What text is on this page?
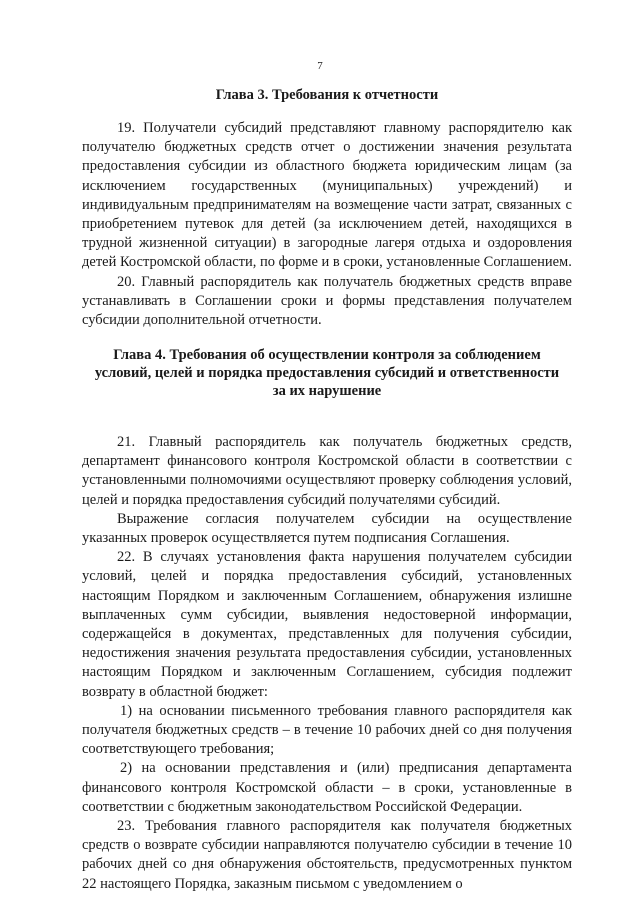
7
Глава 3. Требования к отчетности

19. Получатели субсидий представляют главному распорядителю как получателю бюджетных средств отчет о достижении значения результата предоставления субсидии из областного бюджета юридическим лицам (за исключением государственных (муниципальных) учреждений) и индивидуальным предпринимателям на возмещение части затрат, связанных с приобретением путевок для детей (за исключением детей, находящихся в трудной жизненной ситуации) в загородные лагеря отдыха и оздоровления детей Костромской области, по форме и в сроки, установленные Соглашением.

20. Главный распорядитель как получатель бюджетных средств вправе устанавливать в Соглашении сроки и формы представления получателем субсидии дополнительной отчетности.

Глава 4. Требования об осуществлении контроля за соблюдением
условий, целей и порядка предоставления субсидий и ответственности
за их нарушение

21. Главный распорядитель как получатель бюджетных средств, департамент финансового контроля Костромской области в соответствии с установленными полномочиями осуществляют проверку соблюдения условий, целей и порядка предоставления субсидий получателями субсидий.

Выражение согласия получателем субсидии на осуществление указанных проверок осуществляется путем подписания Соглашения.

22. В случаях установления факта нарушения получателем субсидии условий, целей и порядка предоставления субсидий, установленных настоящим Порядком и заключенным Соглашением, обнаружения излишне выплаченных сумм субсидии, выявления недостоверной информации, содержащейся в документах, представленных для получения субсидии, недостижения значения результата предоставления субсидии, установленных настоящим Порядком и заключенным Соглашением, субсидия подлежит возврату в областной бюджет:

1) на основании письменного требования главного распорядителя как получателя бюджетных средств – в течение 10 рабочих дней со дня получения соответствующего требования;

2) на основании представления и (или) предписания департамента финансового контроля Костромской области – в сроки, установленные в соответствии с бюджетным законодательством Российской Федерации.

23. Требования главного распорядителя как получателя бюджетных средств о возврате субсидии направляются получателю субсидии в течение 10 рабочих дней со дня обнаружения обстоятельств, предусмотренных пунктом 22 настоящего Порядка, заказным письмом с уведомлением о
